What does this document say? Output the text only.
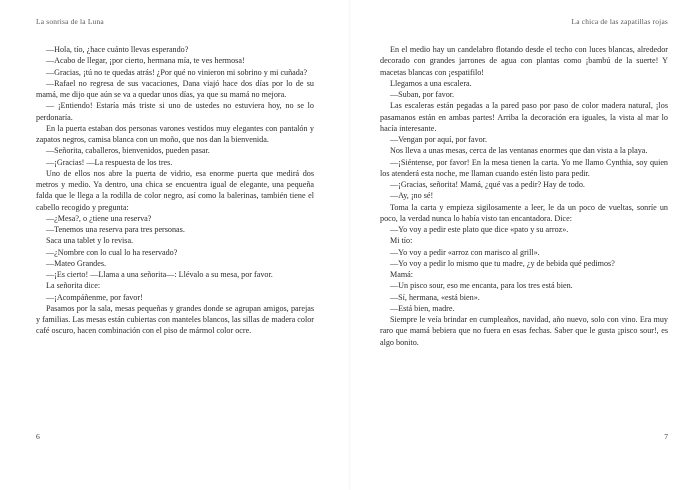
La sonrisa de la Luna

—Hola, tío, ¿hace cuánto llevas esperando?

—Acabo de llegar, ¡por cierto, hermana mía, te ves hermosa!

—Gracias, ¡tú no te quedas atrás! ¿Por qué no vinieron mi sobrino y mi cuñada?

—Rafael no regresa de sus vacaciones, Dana viajó hace dos días por lo de su mamá, me dijo que aún se va a quedar unos días, ya que su mamá no mejora.

— ¡Entiendo! Estaría más triste si uno de ustedes no estuviera hoy, no se lo perdonaría.

En la puerta estaban dos personas varones vestidos muy elegantes con pantalón y zapatos negros, camisa blanca con un moño, que nos dan la bienvenida.

—Señorita, caballeros, bienvenidos, pueden pasar.

—¡Gracias! —La respuesta de los tres.

Uno de ellos nos abre la puerta de vidrio, esa enorme puerta que medirá dos metros y medio. Ya dentro, una chica se encuentra igual de elegante, una pequeña falda que le llega a la rodilla de color negro, así como la balerinas, también tiene el cabello recogido y pregunta:

—¿Mesa?, o ¿tiene una reserva?

—Tenemos una reserva para tres personas.

Saca una tablet y lo revisa.

—¿Nombre con lo cual lo ha reservado?

—Mateo Grandes.

—¡Es cierto! —Llama a una señorita—: Llévalo a su mesa, por favor.

La señorita dice:

—¡Acompáñenme, por favor!

Pasamos por la sala, mesas pequeñas y grandes donde se agrupan amigos, parejas y familias. Las mesas están cubiertas con manteles blancos, las sillas de madera color café oscuro, hacen combinación con el piso de mármol color ocre.

6
La chica de las zapatillas rojas

En el medio hay un candelabro flotando desde el techo con luces blancas, alrededor decorado con grandes jarrones de agua con plantas como ¡bambú de la suerte! Y macetas blancas con ¡espatifilo!

Llegamos a una escalera.

—Suban, por favor.

Las escaleras están pegadas a la pared paso por paso de color madera natural, ¡los pasamanos están en ambas partes! Arriba la decoración era iguales, la vista al mar lo hacía interesante.

—Vengan por aquí, por favor.

Nos lleva a unas mesas, cerca de las ventanas enormes que dan vista a la playa.

—¡Siéntense, por favor! En la mesa tienen la carta. Yo me llamo Cynthia, soy quien los atenderá esta noche, me llaman cuando estén listo para pedir.

—¡Gracias, señorita! Mamá, ¿qué vas a pedir? Hay de todo.

—Ay, ¡no sé!

Toma la carta y empieza sigilosamente a leer, le da un poco de vueltas, sonríe un poco, la verdad nunca lo había visto tan encantadora. Dice:

—Yo voy a pedir este plato que dice «pato y su arroz».

Mi tío:

—Yo voy a pedir «arroz con marisco al grill».

—Yo voy a pedir lo mismo que tu madre, ¿y de bebida qué pedimos?

Mamá:

—Un pisco sour, eso me encanta, para los tres está bien.

—Sí, hermana, «está bien».

—Está bien, madre.

Siempre le veía brindar en cumpleaños, navidad, año nuevo, solo con vino. Era muy raro que mamá bebiera que no fuera en esas fechas. Saber que le gusta ¡pisco sour!, es algo bonito.

7
